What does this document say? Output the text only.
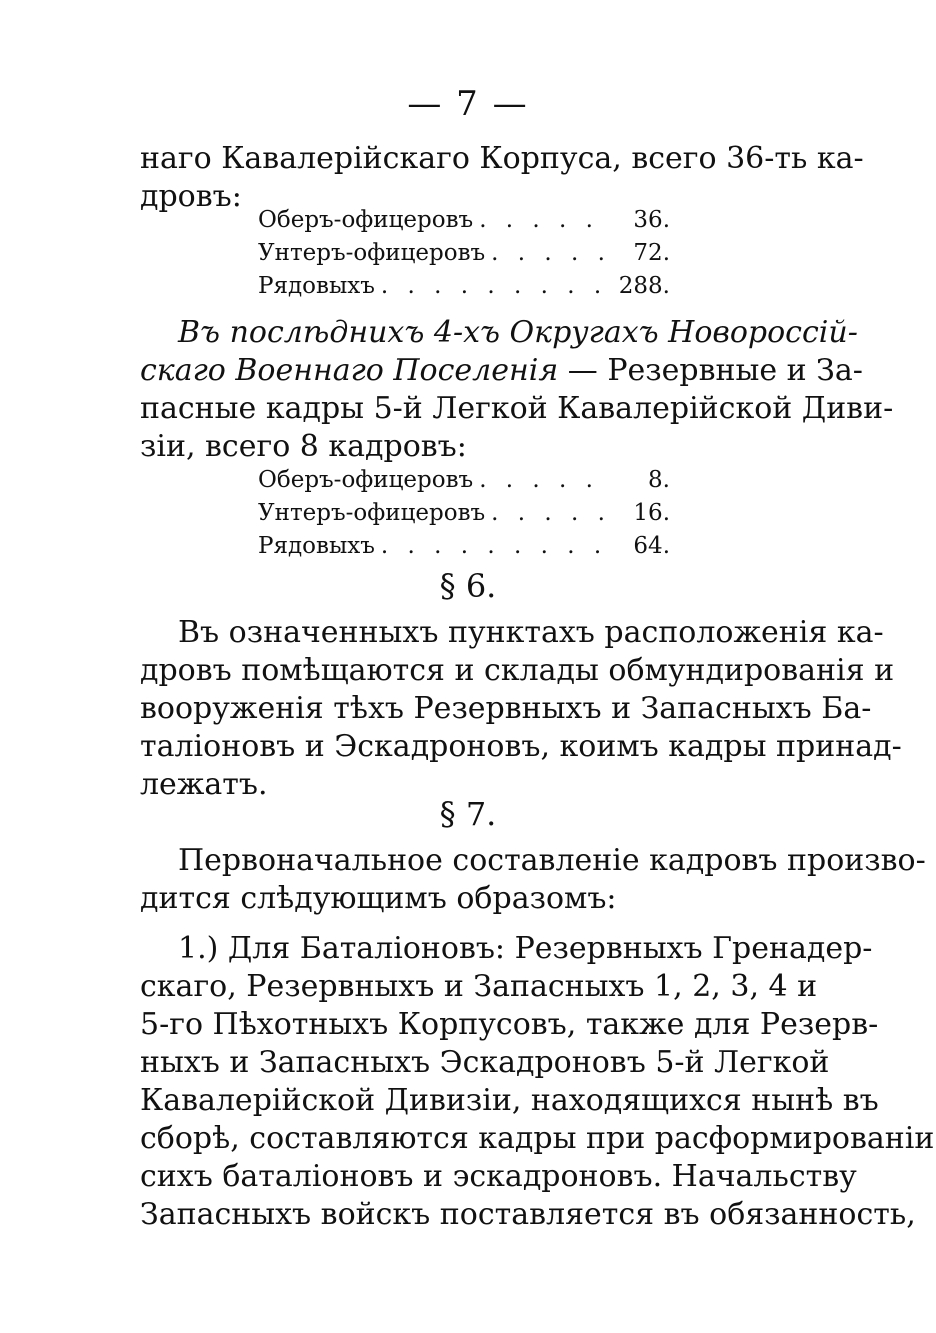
— 7 —
наго Кавалерійскаго Корпуса, всего 36-ть ка-
дровъ:
Оберъ-офицеровъ . . .	36.
Унтеръ-офицеровъ . . .	72.
Рядовыхъ . . .	288.
Въ послѣднихъ 4-хъ Округахъ Новороссій-
скаго Военнаго Поселенія — Резервные и За-
пасные кадры 5-й Легкой Кавалерійской Диви-
зіи, всего 8 кадровъ:
Оберъ-офицеровъ . . .	8.
Унтеръ-офицеровъ . . .	16.
Рядовыхъ . . .	64.
§ 6.
Въ означенныхъ пунктахъ расположенія ка-
дровъ помѣщаются и склады обмундированія и
вооруженія тѣхъ Резервныхъ и Запасныхъ Ба-
таліоновъ и Эскадроновъ, коимъ кадры принад-
лежатъ.
§ 7.
Первоначальное составленіе кадровъ произво-
дится слѣдующимъ образомъ:
1.) Для Баталіоновъ: Резервныхъ Гренадер-
скаго, Резервныхъ и Запасныхъ 1, 2, 3, 4 и
5-го Пѣхотныхъ Корпусовъ, также для Резерв-
ныхъ и Запасныхъ Эскадроновъ 5-й Легкой
Кавалерійской Дивизіи, находящихся нынѣ въ
сборѣ, составляются кадры при расформированіи
сихъ баталіоновъ и эскадроновъ. Начальству
Запасныхъ войскъ поставляется въ обязанность,
